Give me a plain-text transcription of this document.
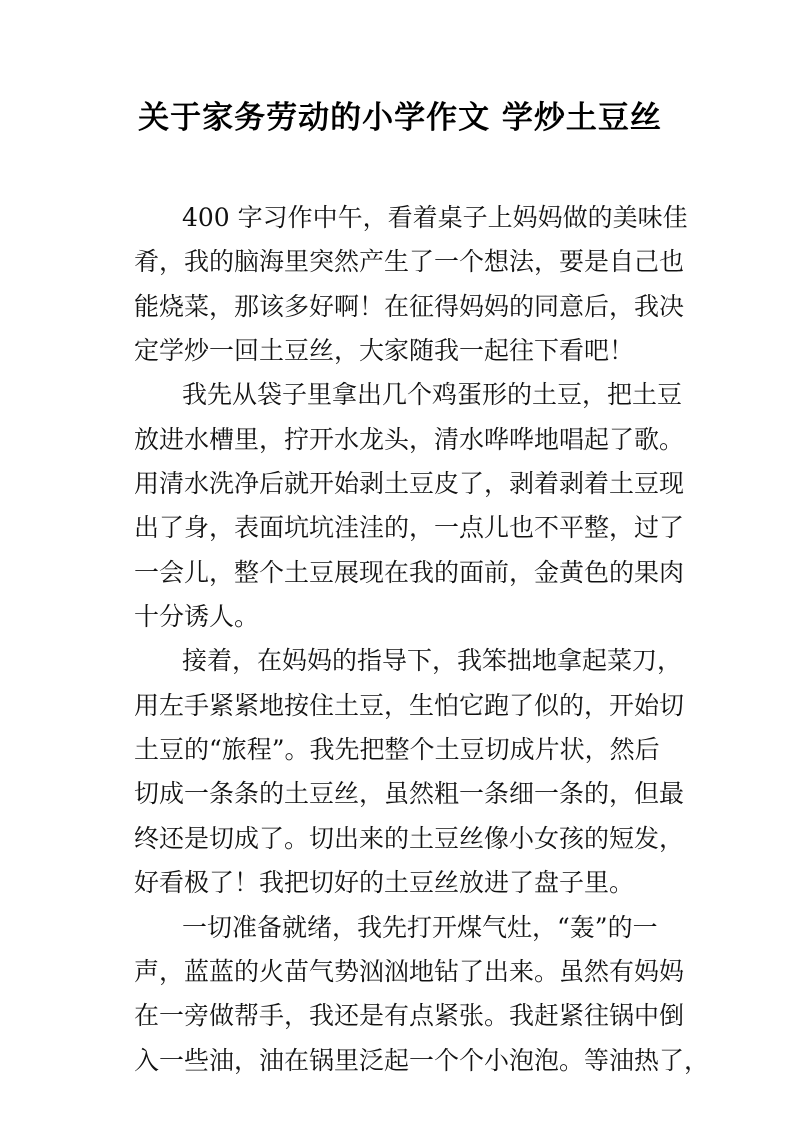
关于家务劳动的小学作文 学炒土豆丝
400 字习作中午，看着桌子上妈妈做的美味佳
肴，我的脑海里突然产生了一个想法，要是自己也
能烧菜，那该多好啊！在征得妈妈的同意后，我决
定学炒一回土豆丝，大家随我一起往下看吧！
我先从袋子里拿出几个鸡蛋形的土豆，把土豆
放进水槽里，拧开水龙头，清水哗哗地唱起了歌。
用清水洗净后就开始剥土豆皮了，剥着剥着土豆现
出了身，表面坑坑洼洼的，一点儿也不平整，过了
一会儿，整个土豆展现在我的面前，金黄色的果肉
十分诱人。
接着，在妈妈的指导下，我笨拙地拿起菜刀，
用左手紧紧地按住土豆，生怕它跑了似的，开始切
土豆的“旅程”。我先把整个土豆切成片状，然后
切成一条条的土豆丝，虽然粗一条细一条的，但最
终还是切成了。切出来的土豆丝像小女孩的短发，
好看极了！我把切好的土豆丝放进了盘子里。
一切准备就绪，我先打开煤气灶，“轰”的一
声，蓝蓝的火苗气势汹汹地钻了出来。虽然有妈妈
在一旁做帮手，我还是有点紧张。我赶紧往锅中倒
入一些油，油在锅里泛起一个个小泡泡。等油热了，
